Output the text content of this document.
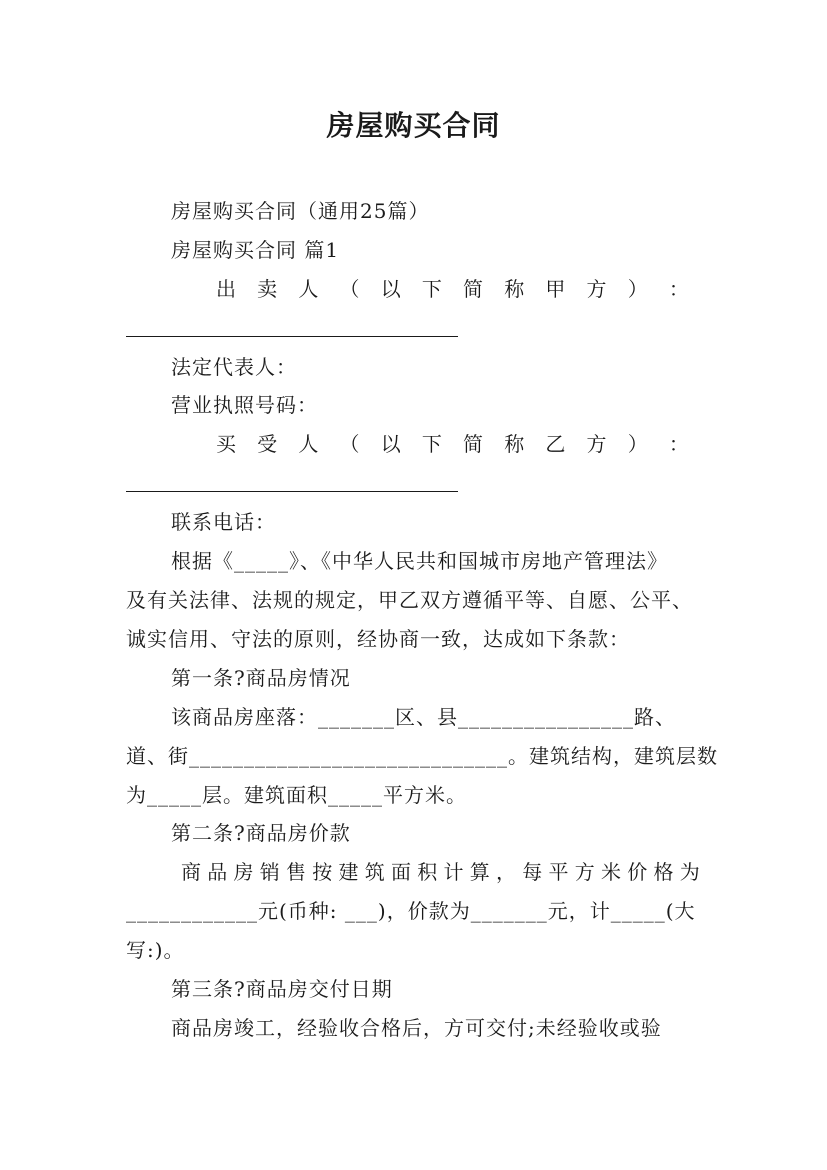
房屋购买合同
房屋购买合同（通用25篇）
房屋购买合同 篇1
出 卖 人 （ 以 下 简 称 甲 方 ） ：
法定代表人：
营业执照号码：
买 受 人 （ 以 下 简 称 乙 方 ） ：
联系电话：
根据《_____》、《中华人民共和国城市房地产管理法》
及有关法律、法规的规定，甲乙双方遵循平等、自愿、公平、
诚实信用、守法的原则，经协商一致，达成如下条款：
第一条?商品房情况
该商品房座落：_______区、县________________路、
道、街_____________________________。建筑结构，建筑层数
为_____层。建筑面积_____平方米。
第二条?商品房价款
商 品 房 销 售 按 建 筑 面 积 计 算 ， 每 平 方 米 价 格 为
____________元(币种: ___)，价款为_______元，计_____(大
写:)。
第三条?商品房交付日期
商品房竣工，经验收合格后，方可交付;未经验收或验
